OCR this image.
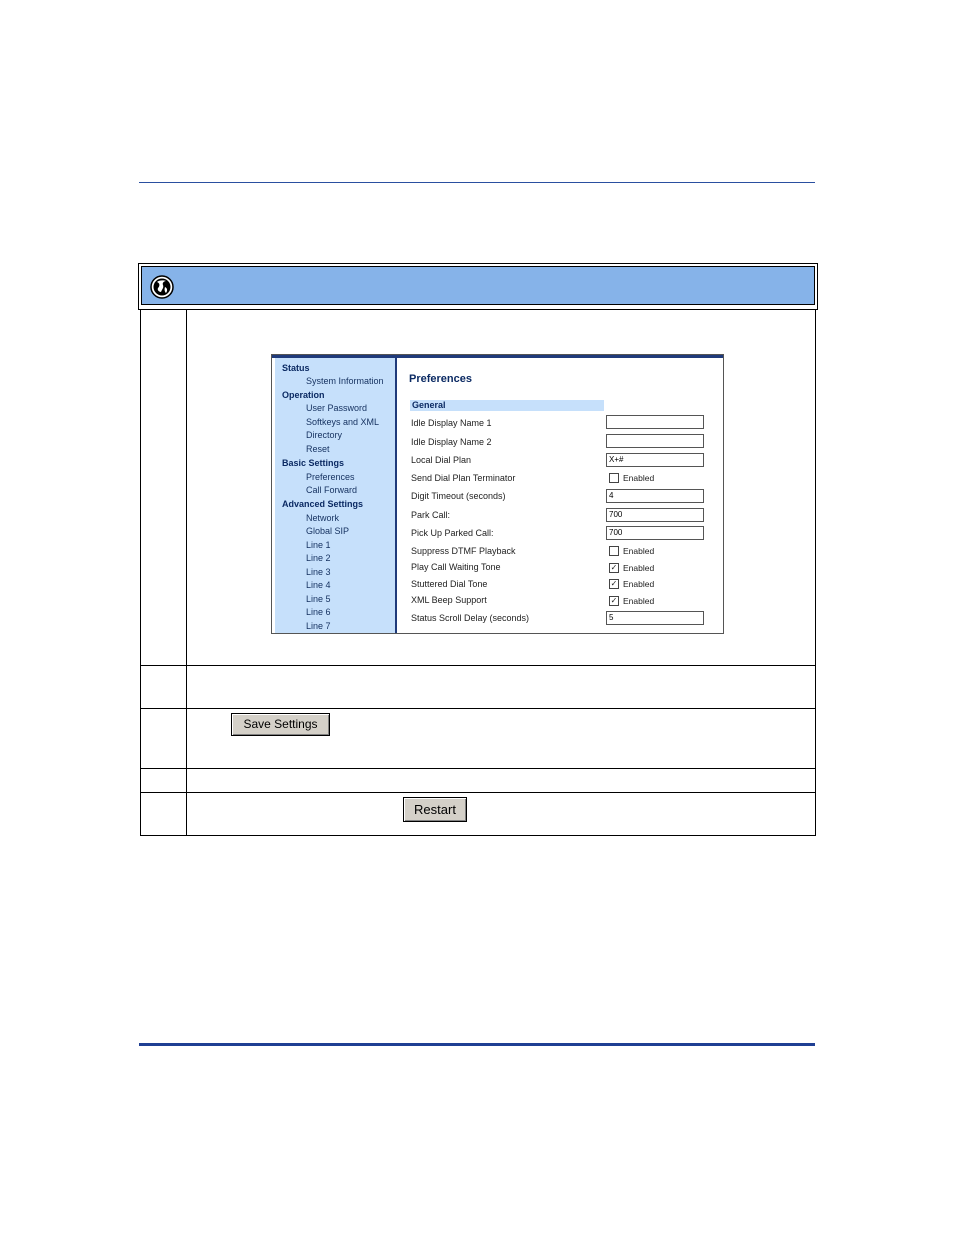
Status
System Information
Operation
User Password
Softkeys and XML
Directory
Reset
Basic Settings
Preferences
Call Forward
Advanced Settings
Network
Global SIP
Line 1
Line 2
Line 3
Line 4
Line 5
Line 6
Line 7
Preferences
General
Idle Display Name 1
Idle Display Name 2
Local Dial Plan	X+#
Send Dial Plan Terminator	Enabled
Digit Timeout (seconds)	4
Park Call:	700
Pick Up Parked Call:	700
Suppress DTMF Playback	Enabled
Play Call Waiting Tone	✓ Enabled
Stuttered Dial Tone	✓ Enabled
XML Beep Support	✓ Enabled
Status Scroll Delay (seconds)	5
Save Settings
Restart
